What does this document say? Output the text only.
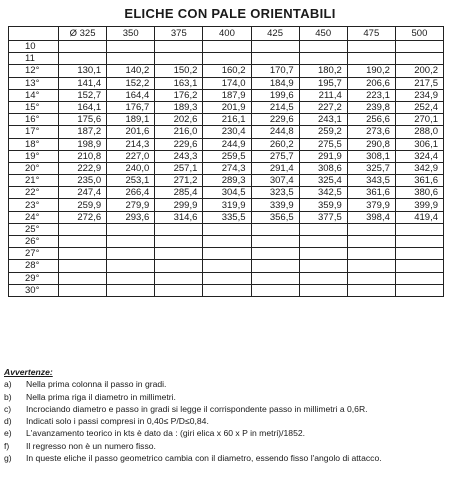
ELICHE CON PALE ORIENTABILI
	Ø 325	350	375	400	425	450	475	500
10								
11								
12°	130,1	140,2	150,2	160,2	170,7	180,2	190,2	200,2
13°	141,4	152,2	163,1	174,0	184,9	195,7	206,6	217,5
14°	152,7	164,4	176,2	187,9	199,6	211,4	223,1	234,9
15°	164,1	176,7	189,3	201,9	214,5	227,2	239,8	252,4
16°	175,6	189,1	202,6	216,1	229,6	243,1	256,6	270,1
17°	187,2	201,6	216,0	230,4	244,8	259,2	273,6	288,0
18°	198,9	214,3	229,6	244,9	260,2	275,5	290,8	306,1
19°	210,8	227,0	243,3	259,5	275,7	291,9	308,1	324,4
20°	222,9	240,0	257,1	274,3	291,4	308,6	325,7	342,9
21°	235,0	253,1	271,2	289,3	307,4	325,4	343,5	361,6
22°	247,4	266,4	285,4	304,5	323,5	342,5	361,6	380,6
23°	259,9	279,9	299,9	319,9	339,9	359,9	379,9	399,9
24°	272,6	293,6	314,6	335,5	356,5	377,5	398,4	419,4
25°								
26°								
27°								
28°								
29°								
30°								
Avvertenze:
a) Nella prima colonna il passo in gradi.
b) Nella prima riga il diametro in millimetri.
c) Incrociando diametro e passo in gradi si legge il corrispondente passo in millimetri a 0,6R.
d) Indicati solo i passi compresi in 0,40≤ P/D≤0,84.
e) L'avanzamento teorico in kts è dato da : (giri elica x 60 x P in metri)/1852.
f) Il regresso non è un numero fisso.
g) In queste eliche il passo geometrico cambia con il diametro, essendo fisso l'angolo di attacco.
